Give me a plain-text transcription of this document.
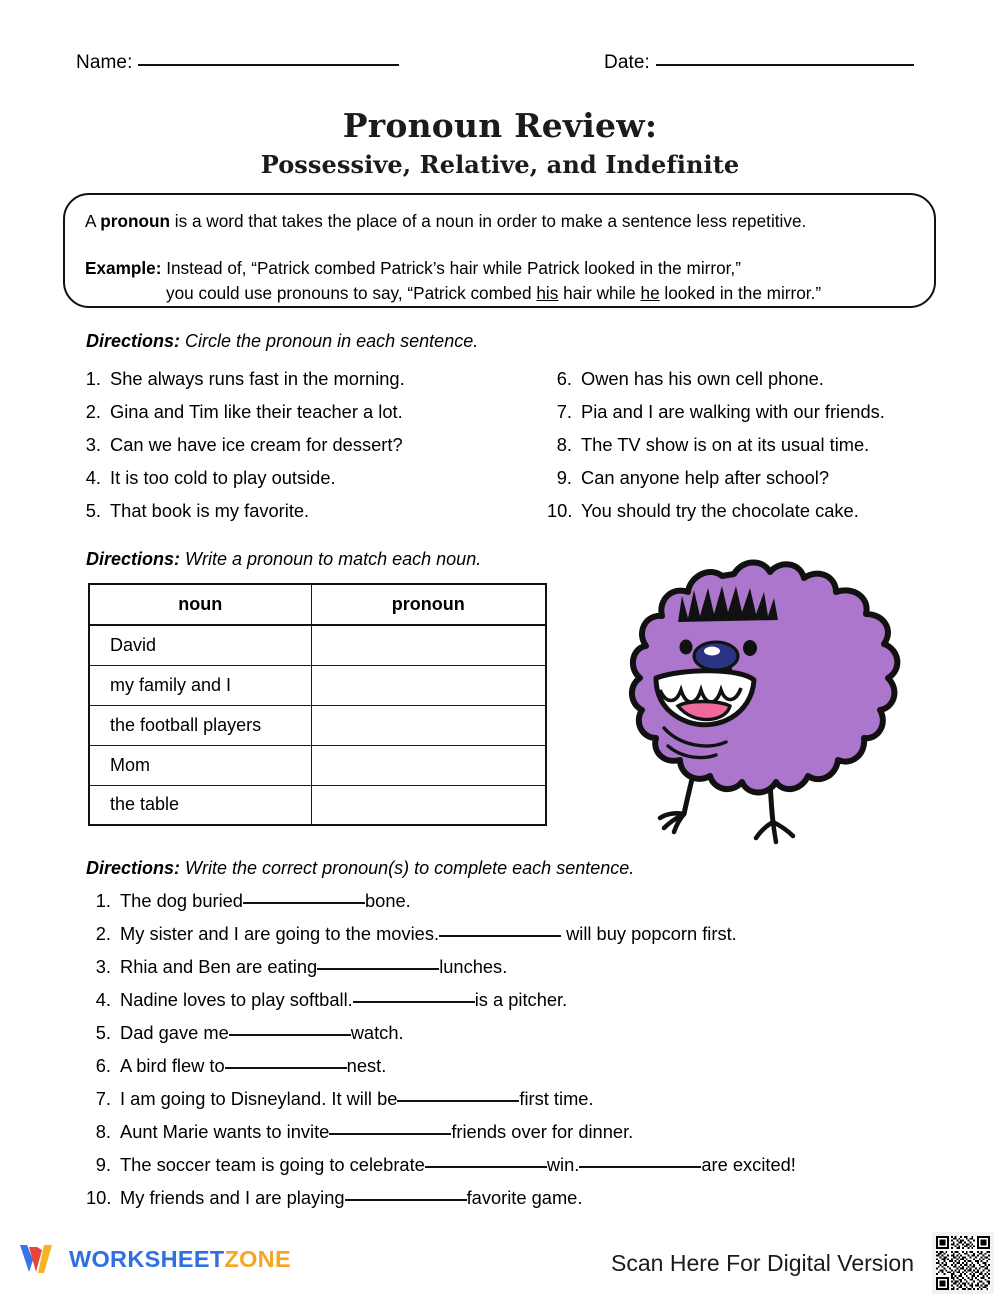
Name:	Date:
Pronoun Review:
Possessive, Relative, and Indefinite

A pronoun is a word that takes the place of a noun in order to make a sentence less repetitive.

Example: Instead of, “Patrick combed Patrick’s hair while Patrick looked in the mirror,”
you could use pronouns to say, “Patrick combed his hair while he looked in the mirror.”
Directions: Circle the pronoun in each sentence.
1. She always runs fast in the morning.
2. Gina and Tim like their teacher a lot.
3. Can we have ice cream for dessert?
4. It is too cold to play outside.
5. That book is my favorite.
6. Owen has his own cell phone.
7. Pia and I are walking with our friends.
8. The TV show is on at its usual time.
9. Can anyone help after school?
10. You should try the chocolate cake.
Directions: Write a pronoun to match each noun.
noun	pronoun
David	
my family and I	
the football players	
Mom	
the table	
Directions: Write the correct pronoun(s) to complete each sentence.
1. The dog buried	bone.
2. My sister and I are going to the movies.	will buy popcorn first.
3. Rhia and Ben are eating	lunches.
4. Nadine loves to play softball.	is a pitcher.
5. Dad gave me	watch.
6. A bird flew to	nest.
7. I am going to Disneyland. It will be	first time.
8. Aunt Marie wants to invite	friends over for dinner.
9. The soccer team is going to celebrate	win.	are excited!
10. My friends and I are playing	favorite game.
WORKSHEETZONE	Scan Here For Digital Version
